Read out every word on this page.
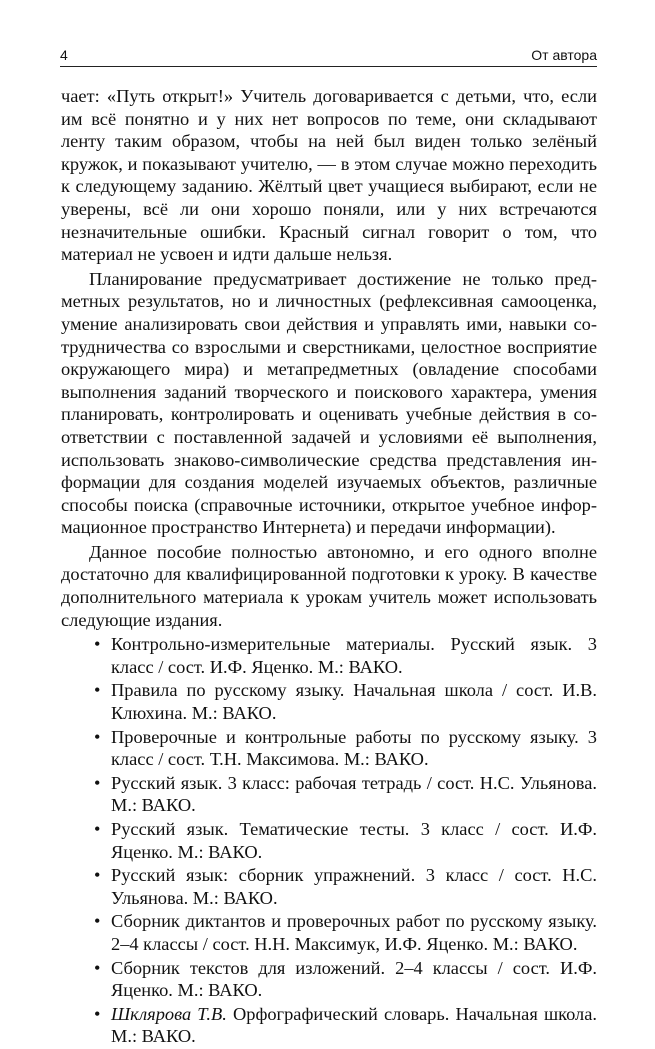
4	От автора

чает: «Путь открыт!» Учитель договаривается с детьми, что, если им всё понятно и у них нет вопросов по теме, они складывают ленту таким образом, чтобы на ней был виден только зелёный кружок, и показывают учителю, — в этом случае можно переходить к следующему заданию. Жёлтый цвет учащиеся выбирают, если не уверены, всё ли они хорошо поняли, или у них встречаются незначительные ошибки. Красный сигнал говорит о том, что материал не усвоен и идти дальше нельзя.

Планирование предусматривает достижение не только предметных результатов, но и личностных (рефлексивная самооценка, умение анализировать свои действия и управлять ими, навыки сотрудничества со взрослыми и сверстниками, целостное восприятие окружающего мира) и метапредметных (овладение способами выполнения заданий творческого и поискового характера, умения планировать, контролировать и оценивать учебные действия в соответствии с поставленной задачей и условиями её выполнения, использовать знаково-символические средства представления информации для создания моделей изучаемых объектов, различные способы поиска (справочные источники, открытое учебное информационное пространство Интернета) и передачи информации).

Данное пособие полностью автономно, и его одного вполне достаточно для квалифицированной подготовки к уроку. В качестве дополнительного материала к урокам учитель может использовать следующие издания.

• Контрольно-измерительные материалы. Русский язык. 3 класс / сост. И.Ф. Яценко. М.: ВАКО.
• Правила по русскому языку. Начальная школа / сост. И.В. Клюхина. М.: ВАКО.
• Проверочные и контрольные работы по русскому языку. 3 класс / сост. Т.Н. Максимова. М.: ВАКО.
• Русский язык. 3 класс: рабочая тетрадь / сост. Н.С. Ульянова. М.: ВАКО.
• Русский язык. Тематические тесты. 3 класс / сост. И.Ф. Яценко. М.: ВАКО.
• Русский язык: сборник упражнений. 3 класс / сост. Н.С. Ульянова. М.: ВАКО.
• Сборник диктантов и проверочных работ по русскому языку. 2–4 классы / сост. Н.Н. Максимук, И.Ф. Яценко. М.: ВАКО.
• Сборник текстов для изложений. 2–4 классы / сост. И.Ф. Яценко. М.: ВАКО.
• Шклярова Т.В. Орфографический словарь. Начальная школа. М.: ВАКО.
